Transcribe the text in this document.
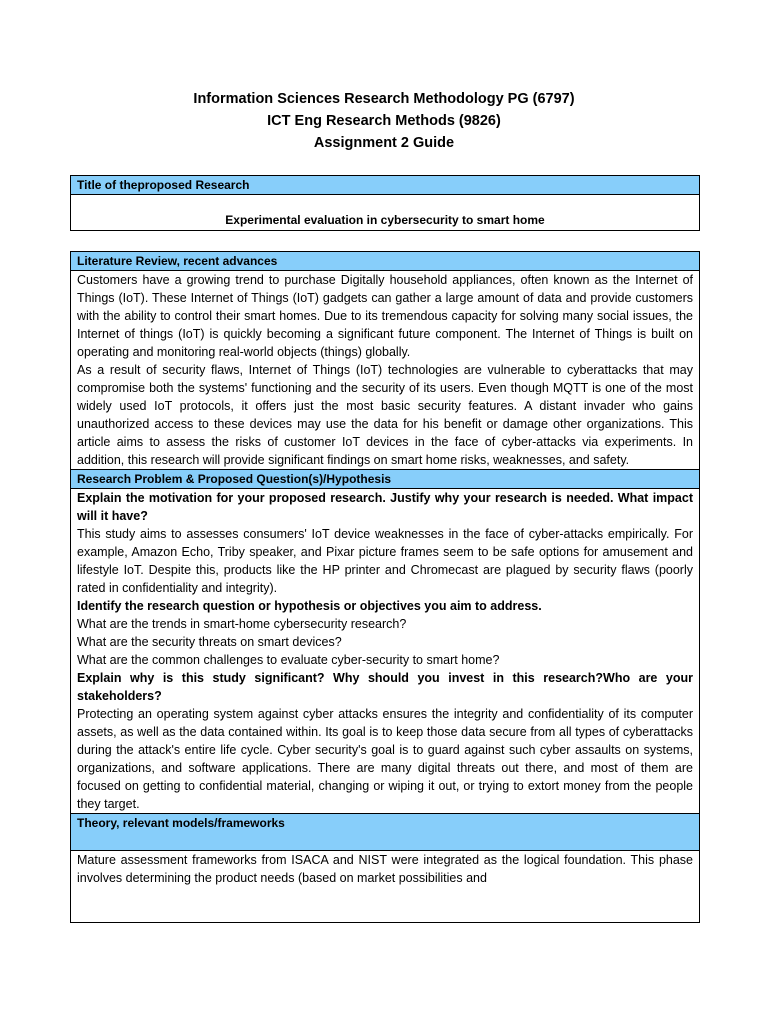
Information Sciences Research Methodology PG (6797)
ICT Eng Research Methods (9826)
Assignment 2 Guide
Title of theproposed Research
Experimental evaluation in cybersecurity to smart home
Literature Review, recent advances

Customers have a growing trend to purchase Digitally household appliances, often known as the Internet of Things (IoT). These Internet of Things (IoT) gadgets can gather a large amount of data and provide customers with the ability to control their smart homes. Due to its tremendous capacity for solving many social issues, the Internet of things (IoT) is quickly becoming a significant future component. The Internet of Things is built on operating and monitoring real-world objects (things) globally.

As a result of security flaws, Internet of Things (IoT) technologies are vulnerable to cyberattacks that may compromise both the systems' functioning and the security of its users. Even though MQTT is one of the most widely used IoT protocols, it offers just the most basic security features. A distant invader who gains unauthorized access to these devices may use the data for his benefit or damage other organizations. This article aims to assess the risks of customer IoT devices in the face of cyber-attacks via experiments. In addition, this research will provide significant findings on smart home risks, weaknesses, and safety.

Research Problem & Proposed Question(s)/Hypothesis

Explain the motivation for your proposed research. Justify why your research is needed. What impact will it have?

This study aims to assesses consumers' IoT device weaknesses in the face of cyber-attacks empirically. For example, Amazon Echo, Triby speaker, and Pixar picture frames seem to be safe options for amusement and lifestyle IoT. Despite this, products like the HP printer and Chromecast are plagued by security flaws (poorly rated in confidentiality and integrity).

Identify the research question or hypothesis or objectives you aim to address.

What are the trends in smart-home cybersecurity research?

What are the security threats on smart devices?

What are the common challenges to evaluate cyber-security to smart home?

Explain why is this study significant? Why should you invest in this research?Who are your stakeholders?

Protecting an operating system against cyber attacks ensures the integrity and confidentiality of its computer assets, as well as the data contained within. Its goal is to keep those data secure from all types of cyberattacks during the attack's entire life cycle. Cyber security's goal is to guard against such cyber assaults on systems, organizations, and software applications. There are many digital threats out there, and most of them are focused on getting to confidential material, changing or wiping it out, or trying to extort money from the people they target.

Theory, relevant models/frameworks

Mature assessment frameworks from ISACA and NIST were integrated as the logical foundation. This phase involves determining the product needs (based on market possibilities and
